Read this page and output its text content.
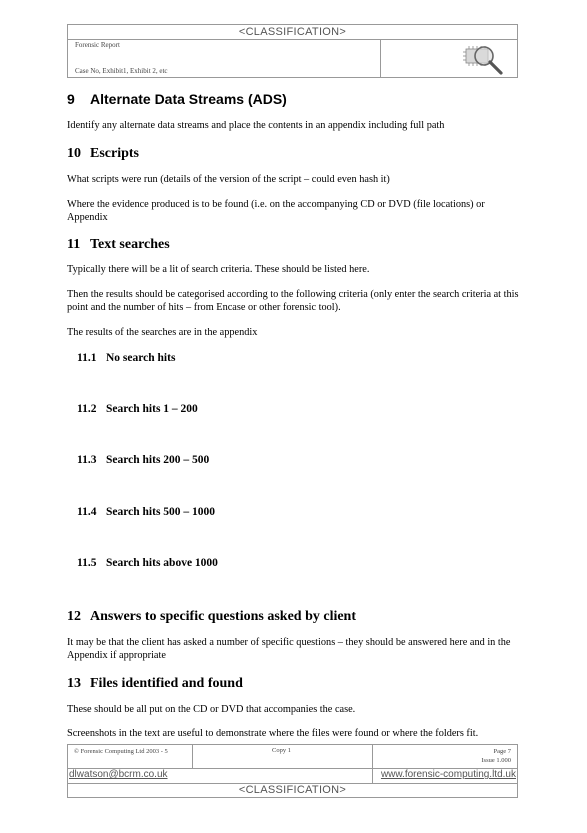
<CLASSIFICATION>
Forensic Report
Case No, Exhibit1, Exhibit 2, etc
9 Alternate Data Streams (ADS)
Identify any alternate data streams and place the contents in an appendix including full path
10 Escripts
What scripts were run (details of the version of the script – could even hash it)
Where the evidence produced is to be found (i.e. on the accompanying CD or DVD (file locations) or Appendix
11 Text searches
Typically there will be a lit of search criteria. These should be listed here.
Then the results should be categorised according to the following criteria (only enter the search criteria at this point and the number of hits – from Encase or other forensic tool).
The results of the searches are in the appendix
11.1 No search hits
11.2 Search hits 1 – 200
11.3 Search hits 200 – 500
11.4 Search hits 500 – 1000
11.5 Search hits above 1000
12 Answers to specific questions asked by client
It may be that the client has asked a number of specific questions – they should be answered here and in the Appendix if appropriate
13 Files identified and found
These should be all put on the CD or DVD that accompanies the case.
Screenshots in the text are useful to demonstrate where the files were found or where the folders fit.
© Forensic Computing Ltd 2003 - 5	Copy 1	Page 7
Issue 1.000
dlwatson@bcrm.co.uk	www.forensic-computing.ltd.uk
<CLASSIFICATION>
